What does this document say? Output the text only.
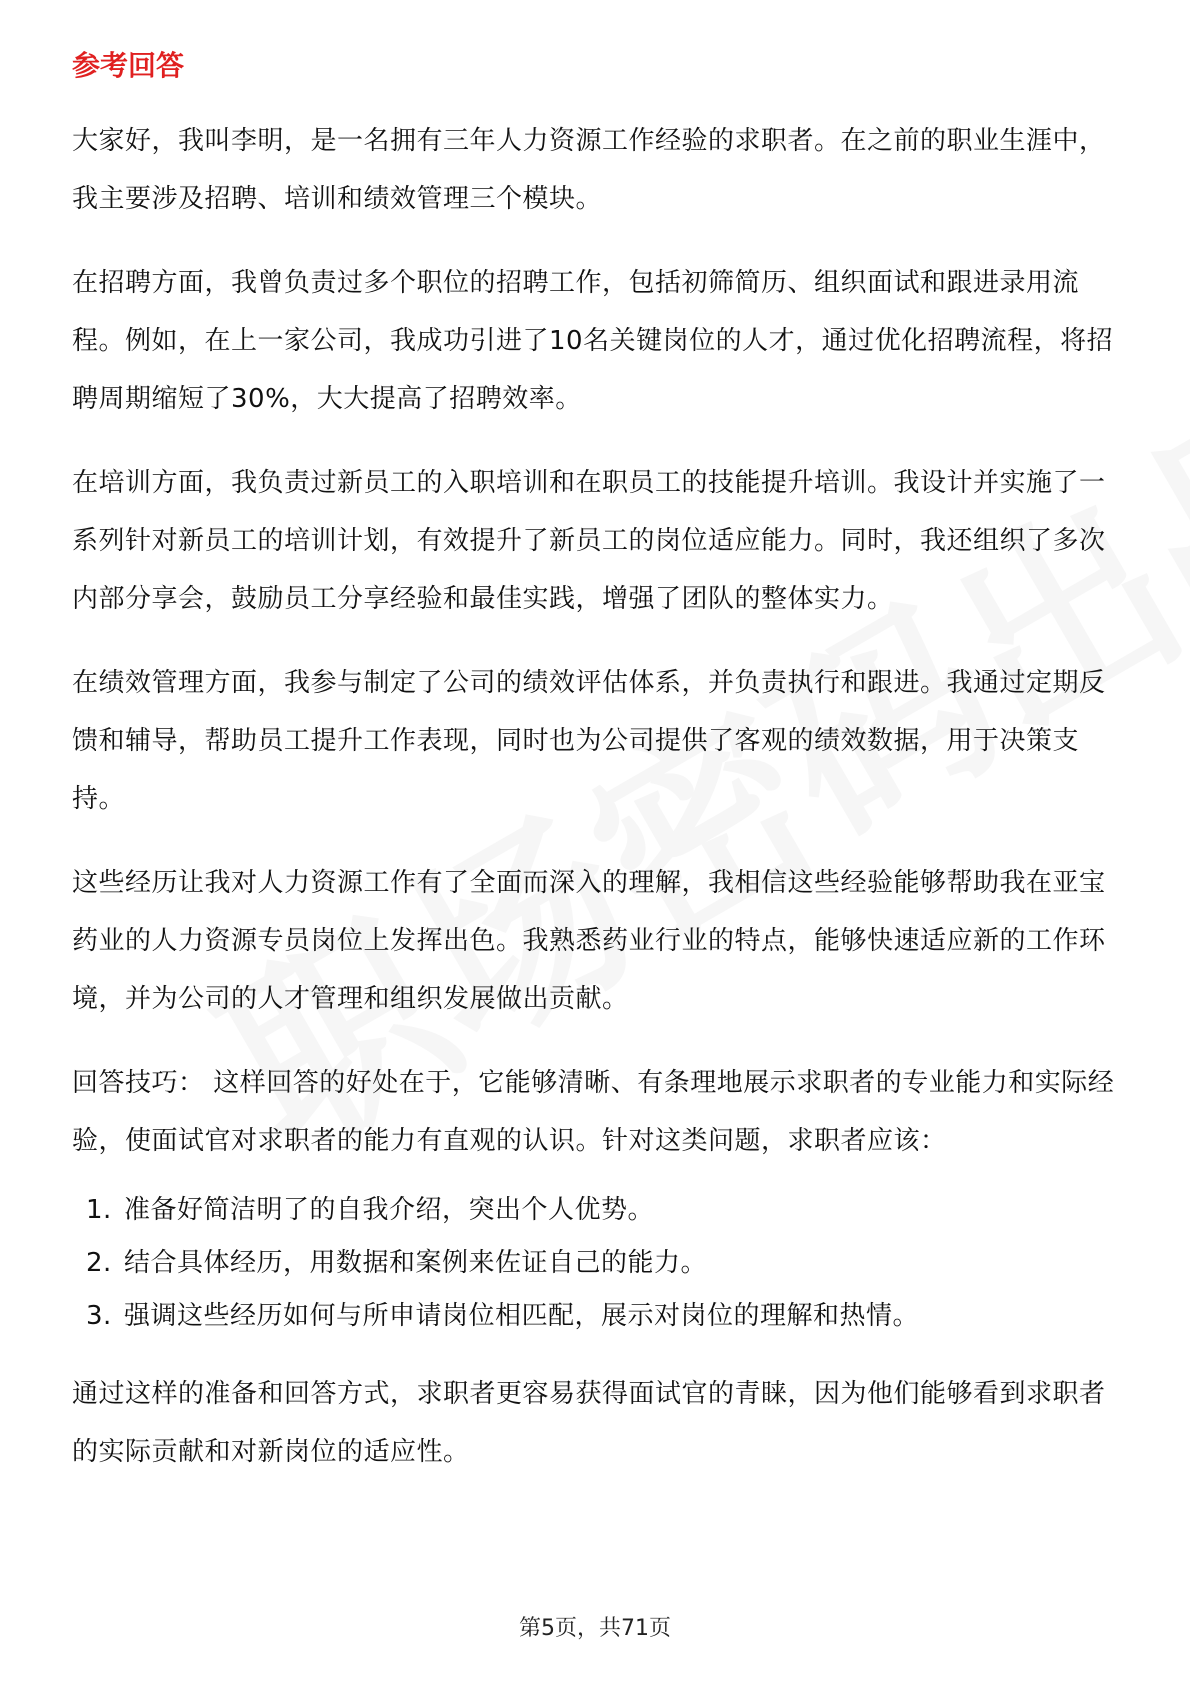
参考回答

大家好，我叫李明，是一名拥有三年人力资源工作经验的求职者。在之前的职业生涯中，我主要涉及招聘、培训和绩效管理三个模块。

在招聘方面，我曾负责过多个职位的招聘工作，包括初筛简历、组织面试和跟进录用流程。例如，在上一家公司，我成功引进了10名关键岗位的人才，通过优化招聘流程，将招聘周期缩短了30%，大大提高了招聘效率。

在培训方面，我负责过新员工的入职培训和在职员工的技能提升培训。我设计并实施了一系列针对新员工的培训计划，有效提升了新员工的岗位适应能力。同时，我还组织了多次内部分享会，鼓励员工分享经验和最佳实践，增强了团队的整体实力。

在绩效管理方面，我参与制定了公司的绩效评估体系，并负责执行和跟进。我通过定期反馈和辅导，帮助员工提升工作表现，同时也为公司提供了客观的绩效数据，用于决策支持。

这些经历让我对人力资源工作有了全面而深入的理解，我相信这些经验能够帮助我在亚宝药业的人力资源专员岗位上发挥出色。我熟悉药业行业的特点，能够快速适应新的工作环境，并为公司的人才管理和组织发展做出贡献。

回答技巧： 这样回答的好处在于，它能够清晰、有条理地展示求职者的专业能力和实际经验，使面试官对求职者的能力有直观的认识。针对这类问题，求职者应该：

1. 准备好简洁明了的自我介绍，突出个人优势。
2. 结合具体经历，用数据和案例来佐证自己的能力。
3. 强调这些经历如何与所申请岗位相匹配，展示对岗位的理解和热情。

通过这样的准备和回答方式，求职者更容易获得面试官的青睐，因为他们能够看到求职者的实际贡献和对新岗位的适应性。

第5页，共71页
